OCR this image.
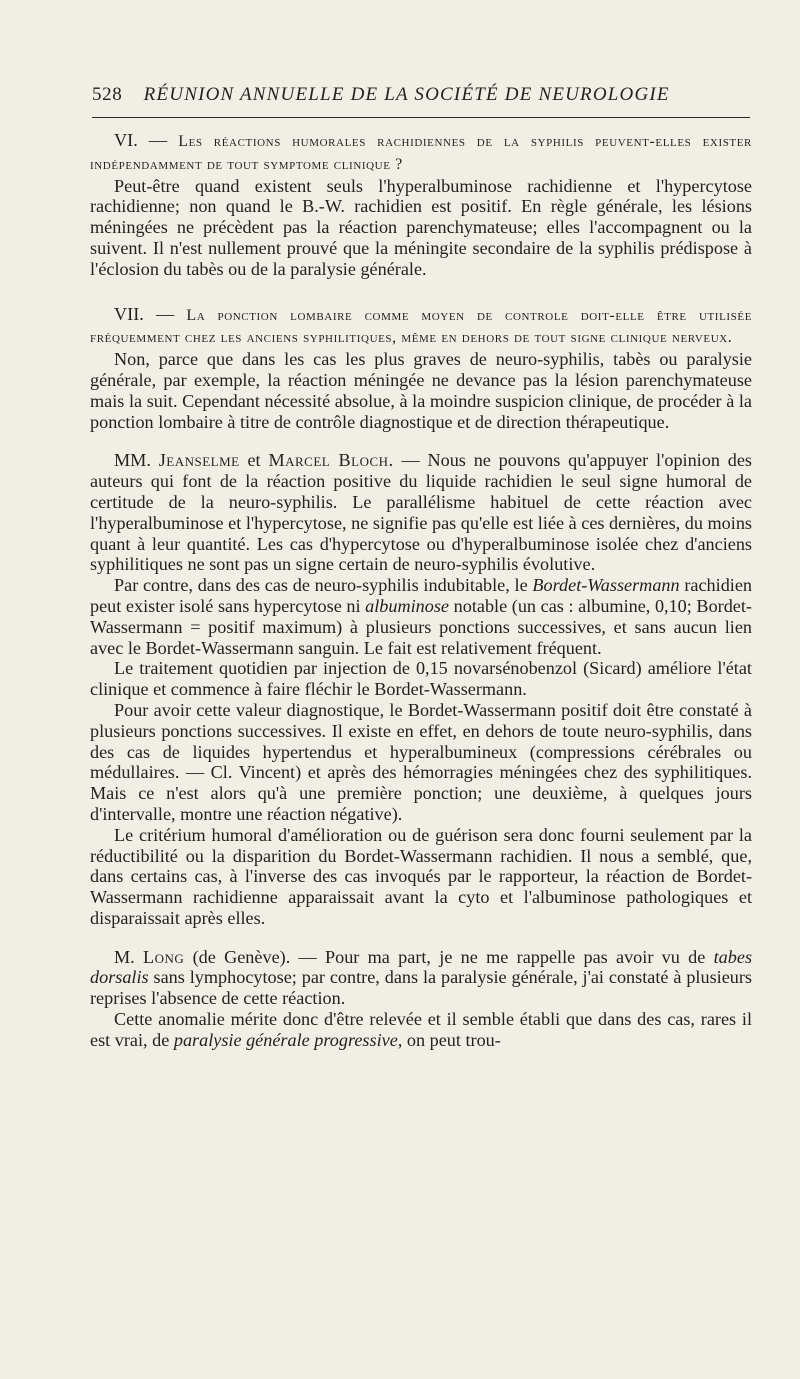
528 RÉUNION ANNUELLE DE LA SOCIÉTÉ DE NEUROLOGIE

VI. — Les réactions humorales rachidiennes de la syphilis peuvent-elles exister indépendamment de tout symptome clinique ?

Peut-être quand existent seuls l'hyperalbuminose rachidienne et l'hypercytose rachidienne; non quand le B.-W. rachidien est positif. En règle générale, les lésions méningées ne précèdent pas la réaction parenchymateuse; elles l'accompagnent ou la suivent. Il n'est nullement prouvé que la méningite secondaire de la syphilis prédispose à l'éclosion du tabès ou de la paralysie générale.

VII. — La ponction lombaire comme moyen de controle doit-elle être utilisée fréquemment chez les anciens syphilitiques, même en dehors de tout signe clinique nerveux.

Non, parce que dans les cas les plus graves de neuro-syphilis, tabès ou paralysie générale, par exemple, la réaction méningée ne devance pas la lésion parenchymateuse mais la suit. Cependant nécessité absolue, à la moindre suspicion clinique, de procéder à la ponction lombaire à titre de contrôle diagnostique et de direction thérapeutique.

MM. Jeanselme et Marcel Bloch. — Nous ne pouvons qu'appuyer l'opinion des auteurs qui font de la réaction positive du liquide rachidien le seul signe humoral de certitude de la neuro-syphilis. Le parallélisme habituel de cette réaction avec l'hyperalbuminose et l'hypercytose, ne signifie pas qu'elle est liée à ces dernières, du moins quant à leur quantité. Les cas d'hypercytose ou d'hyperalbuminose isolée chez d'anciens syphilitiques ne sont pas un signe certain de neuro-syphilis évolutive.

Par contre, dans des cas de neuro-syphilis indubitable, le Bordet-Wassermann rachidien peut exister isolé sans hypercytose ni albuminose notable (un cas : albumine, 0,10; Bordet-Wassermann = positif maximum) à plusieurs ponctions successives, et sans aucun lien avec le Bordet-Wassermann sanguin. Le fait est relativement fréquent.

Le traitement quotidien par injection de 0,15 novarsénobenzol (Sicard) améliore l'état clinique et commence à faire fléchir le Bordet-Wassermann.

Pour avoir cette valeur diagnostique, le Bordet-Wassermann positif doit être constaté à plusieurs ponctions successives. Il existe en effet, en dehors de toute neuro-syphilis, dans des cas de liquides hypertendus et hyperalbumineux (compressions cérébrales ou médullaires. — Cl. Vincent) et après des hémorragies méningées chez des syphilitiques. Mais ce n'est alors qu'à une première ponction; une deuxième, à quelques jours d'intervalle, montre une réaction négative).

Le critérium humoral d'amélioration ou de guérison sera donc fourni seulement par la réductibilité ou la disparition du Bordet-Wassermann rachidien. Il nous a semblé, que, dans certains cas, à l'inverse des cas invoqués par le rapporteur, la réaction de Bordet-Wassermann rachidienne apparaissait avant la cyto et l'albuminose pathologiques et disparaissait après elles.

M. Long (de Genève). — Pour ma part, je ne me rappelle pas avoir vu de tabes dorsalis sans lymphocytose; par contre, dans la paralysie générale, j'ai constaté à plusieurs reprises l'absence de cette réaction.

Cette anomalie mérite donc d'être relevée et il semble établi que dans des cas, rares il est vrai, de paralysie générale progressive, on peut trou-
